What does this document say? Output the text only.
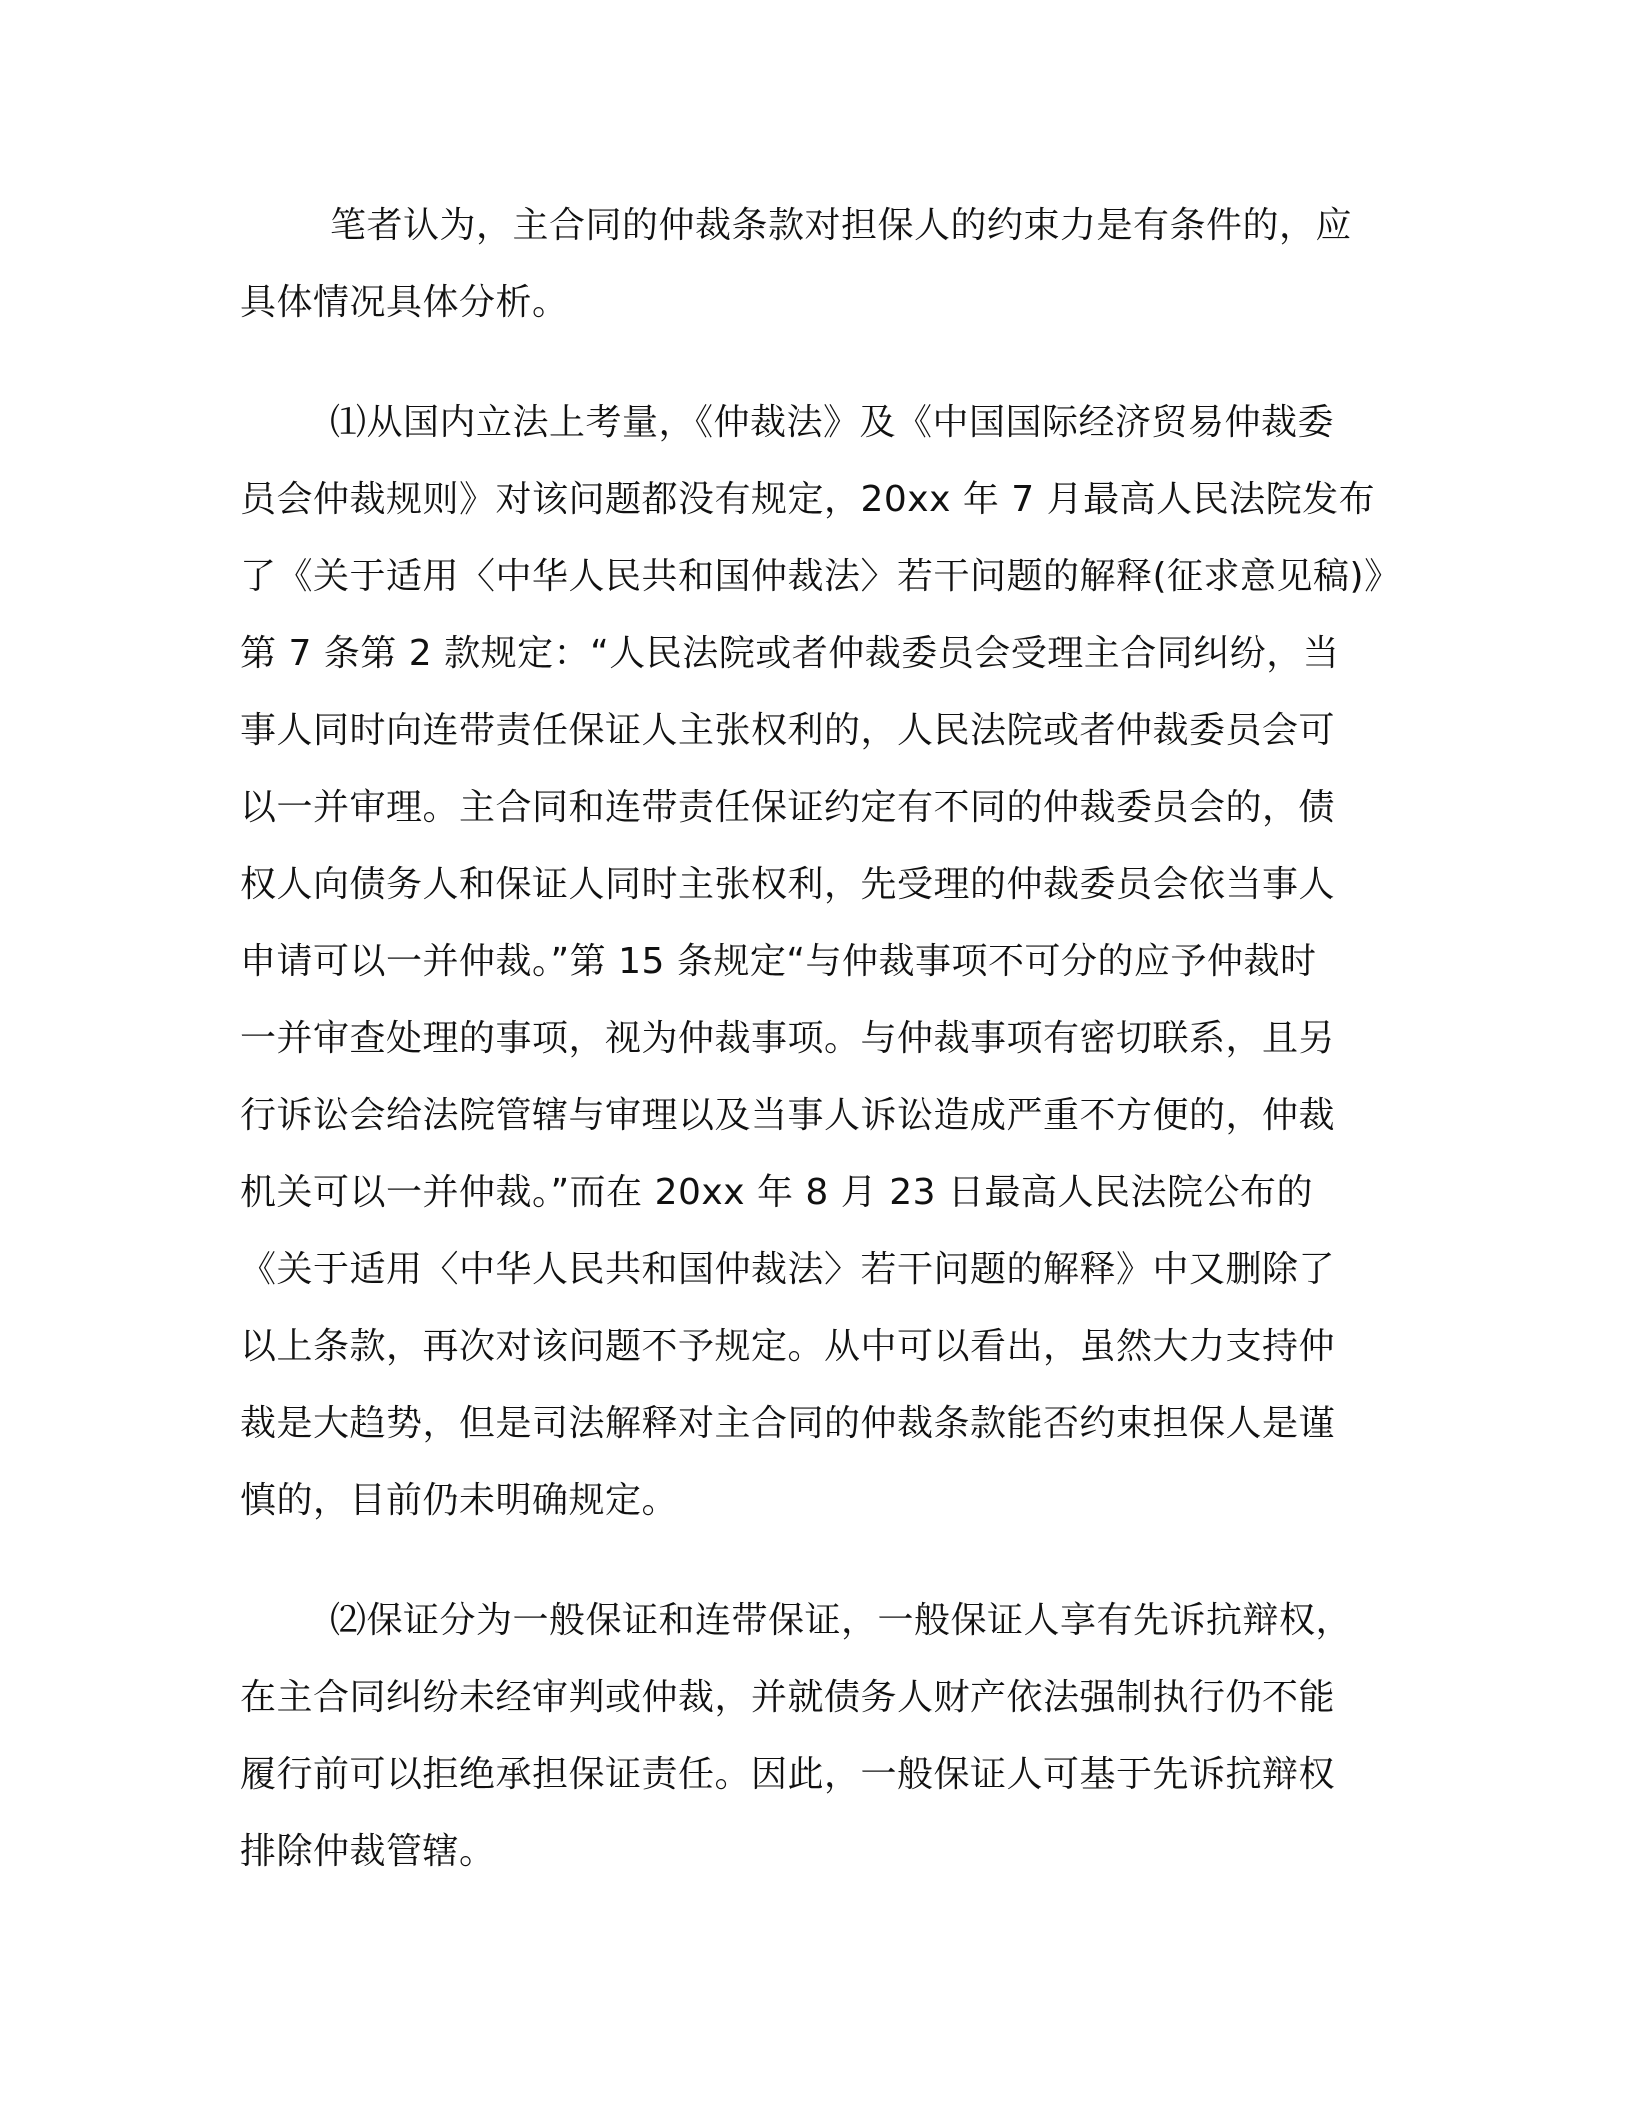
笔者认为，主合同的仲裁条款对担保人的约束力是有条件的，应
具体情况具体分析。

⑴从国内立法上考量，《仲裁法》及《中国国际经济贸易仲裁委
员会仲裁规则》对该问题都没有规定，20xx 年 7 月最高人民法院发布
了《关于适用〈中华人民共和国仲裁法〉若干问题的解释(征求意见稿)》
第 7 条第 2 款规定：“人民法院或者仲裁委员会受理主合同纠纷，当
事人同时向连带责任保证人主张权利的，人民法院或者仲裁委员会可
以一并审理。主合同和连带责任保证约定有不同的仲裁委员会的，债
权人向债务人和保证人同时主张权利，先受理的仲裁委员会依当事人
申请可以一并仲裁。”第 15 条规定“与仲裁事项不可分的应予仲裁时
一并审查处理的事项，视为仲裁事项。与仲裁事项有密切联系，且另
行诉讼会给法院管辖与审理以及当事人诉讼造成严重不方便的，仲裁
机关可以一并仲裁。”而在 20xx 年 8 月 23 日最高人民法院公布的
《关于适用〈中华人民共和国仲裁法〉若干问题的解释》中又删除了
以上条款，再次对该问题不予规定。从中可以看出，虽然大力支持仲
裁是大趋势，但是司法解释对主合同的仲裁条款能否约束担保人是谨
慎的，目前仍未明确规定。

⑵保证分为一般保证和连带保证，一般保证人享有先诉抗辩权，
在主合同纠纷未经审判或仲裁，并就债务人财产依法强制执行仍不能
履行前可以拒绝承担保证责任。因此，一般保证人可基于先诉抗辩权
排除仲裁管辖。
